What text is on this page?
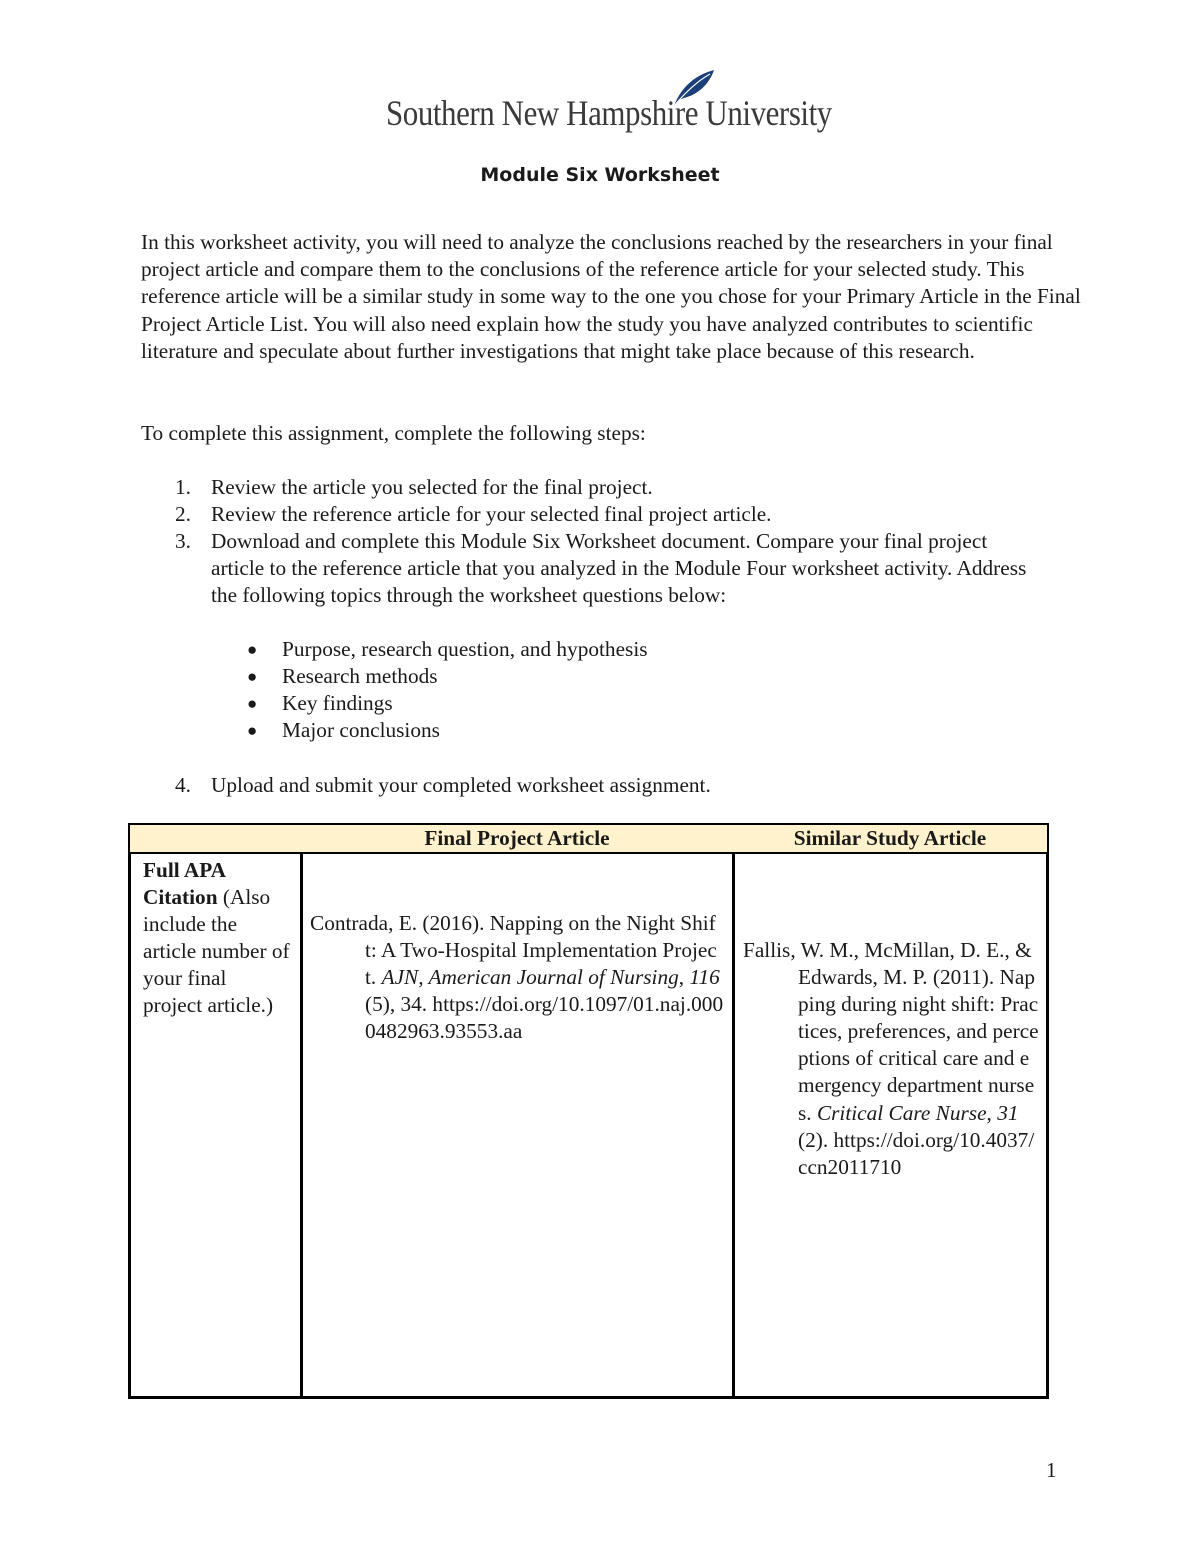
Southern New Hampshire University
Module Six Worksheet

In this worksheet activity, you will need to analyze the conclusions reached by the researchers in your final project article and compare them to the conclusions of the reference article for your selected study. This reference article will be a similar study in some way to the one you chose for your Primary Article in the Final Project Article List. You will also need explain how the study you have analyzed contributes to scientific literature and speculate about further investigations that might take place because of this research.

To complete this assignment, complete the following steps:

1. Review the article you selected for the final project.
2. Review the reference article for your selected final project article.
3. Download and complete this Module Six Worksheet document. Compare your final project article to the reference article that you analyzed in the Module Four worksheet activity. Address the following topics through the worksheet questions below:
● Purpose, research question, and hypothesis
● Research methods
● Key findings
● Major conclusions
4. Upload and submit your completed worksheet assignment.
Final Project Article	Similar Study Article
Full APA Citation (Also include the article number of your final project article.)
Contrada, E. (2016). Napping on the Night Shift: A Two-Hospital Implementation Project. AJN, American Journal of Nursing, 116(5), 34. https://doi.org/10.1097/01.naj.0000482963.93553.aa
Fallis, W. M., McMillan, D. E., & Edwards, M. P. (2011). Napping during night shift: Practices, preferences, and perceptions of critical care and emergency department nurses. Critical Care Nurse, 31(2). https://doi.org/10.4037/ccn2011710
1
